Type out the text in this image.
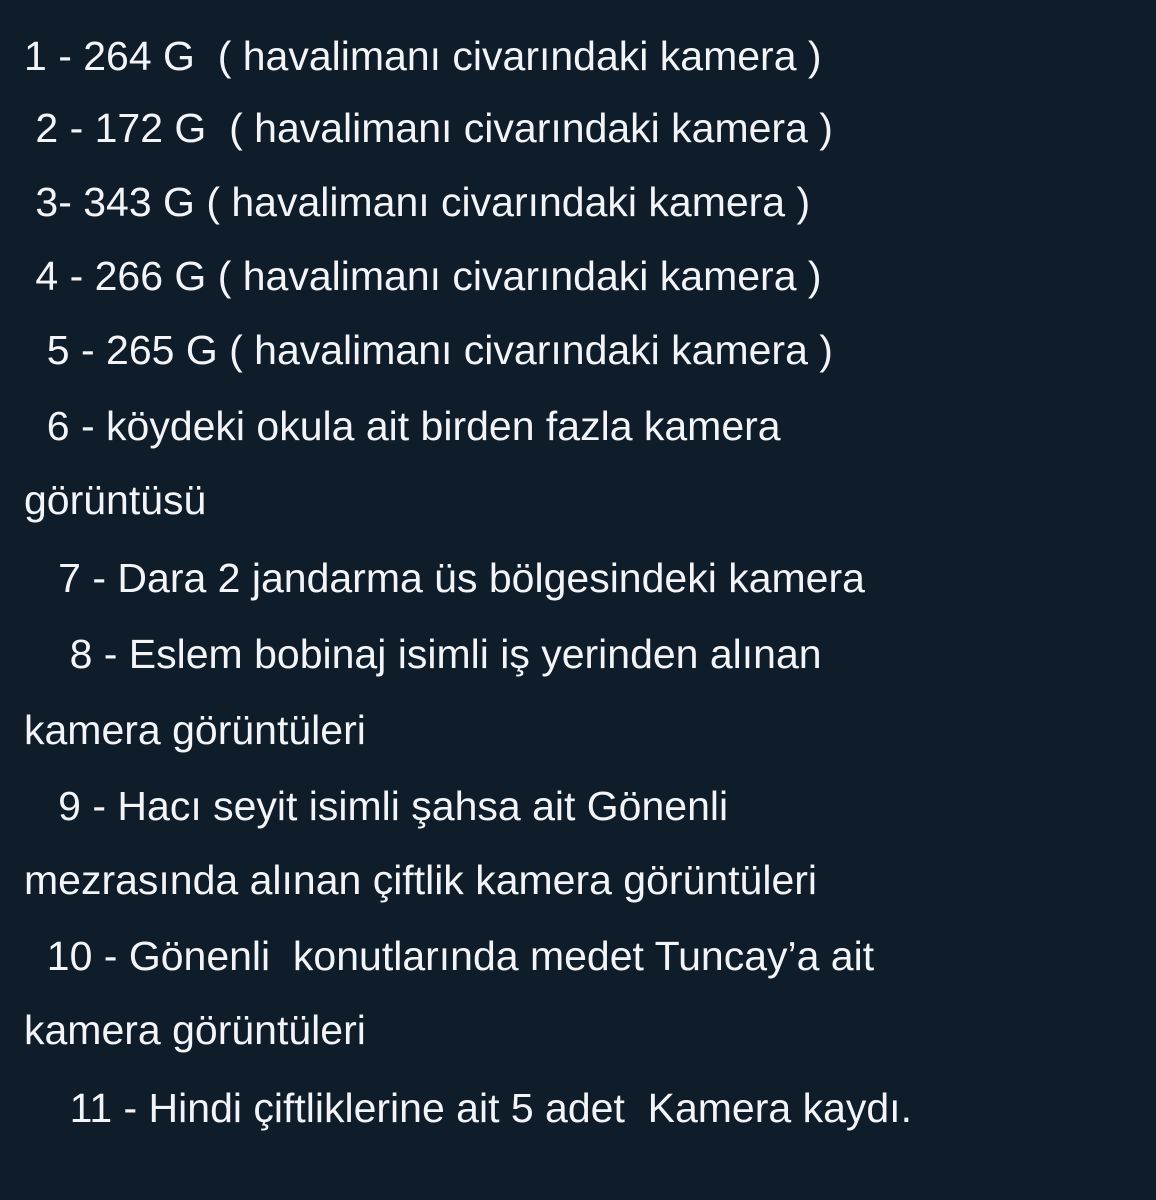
1 - 264 G  ( havalimanı civarındaki kamera )

2 - 172 G  ( havalimanı civarındaki kamera )

3- 343 G ( havalimanı civarındaki kamera )

4 - 266 G ( havalimanı civarındaki kamera )

5 - 265 G ( havalimanı civarındaki kamera )

6 - köydeki okula ait birden fazla kamera

görüntüsü

7 - Dara 2 jandarma üs bölgesindeki kamera

8 - Eslem bobinaj isimli iş yerinden alınan

kamera görüntüleri

9 - Hacı seyit isimli şahsa ait Gönenli

mezrasında alınan çiftlik kamera görüntüleri

10 - Gönenli  konutlarında medet Tuncay’a ait

kamera görüntüleri

11 - Hindi çiftliklerine ait 5 adet  Kamera kaydı.
